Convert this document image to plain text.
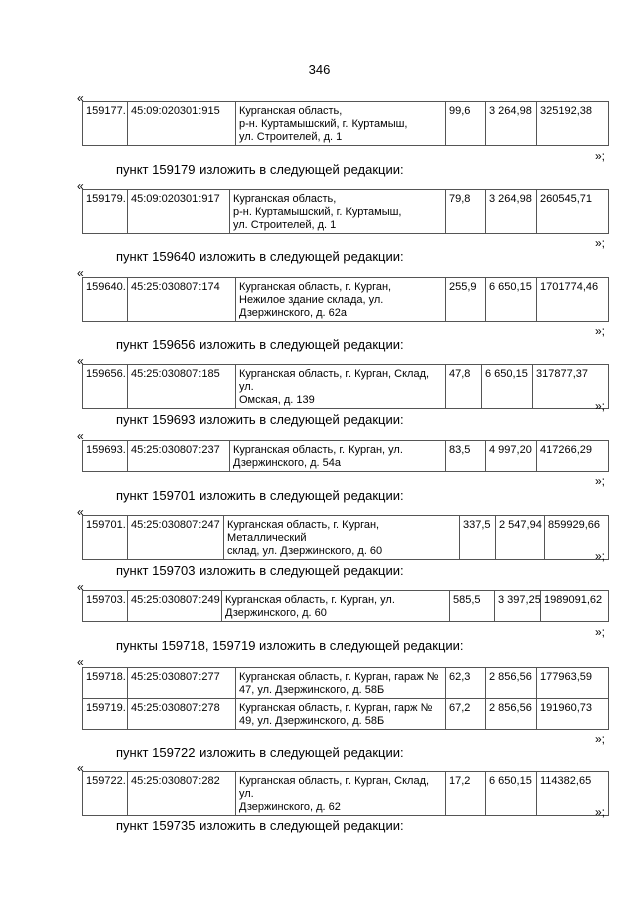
346
«
159177.	45:09:020301:915	Курганская область,
р-н. Куртамышский, г. Куртамыш,
ул. Строителей, д. 1
	99,6	3 264,98	325192,38
»;
пункт 159179 изложить в следующей редакции:
«
159179.	45:09:020301:917	Курганская область,
р-н. Куртамышский, г. Куртамыш,
ул. Строителей, д. 1
	79,8	3 264,98	260545,71
»;
пункт 159640 изложить в следующей редакции:
«
159640.	45:25:030807:174	Курганская область, г. Курган,
Нежилое здание склада, ул.
Дзержинского, д. 62а
	255,9	6 650,15	1701774,46
»;
пункт 159656 изложить в следующей редакции:
«
159656.	45:25:030807:185	Курганская область, г. Курган, Склад, ул.
Омская, д. 139
	47,8	6 650,15	317877,37
»;
пункт 159693 изложить в следующей редакции:
«
159693.	45:25:030807:237	Курганская область, г. Курган, ул.
Дзержинского, д. 54а
	83,5	4 997,20	417266,29
»;
пункт 159701 изложить в следующей редакции:
«
159701.	45:25:030807:247	Курганская область, г. Курган, Металлический
склад, ул. Дзержинского, д. 60
	337,5	2 547,94	859929,66
»;
пункт 159703 изложить в следующей редакции:
«
159703.	45:25:030807:249	Курганская область, г. Курган, ул.
Дзержинского, д. 60
	585,5	3 397,25	1989091,62
»;
пункты 159718, 159719 изложить в следующей редакции:
«
159718.	45:25:030807:277	Курганская область, г. Курган, гараж №
47, ул. Дзержинского, д. 58Б	62,3	2 856,56	177963,59
159719.	45:25:030807:278	Курганская область, г. Курган, гарж №
49, ул. Дзержинского, д. 58Б	67,2	2 856,56	191960,73
»;
пункт 159722 изложить в следующей редакции:
«
159722.	45:25:030807:282	Курганская область, г. Курган, Склад, ул.
Дзержинского, д. 62
	17,2	6 650,15	114382,65
»;
пункт 159735 изложить в следующей редакции:
